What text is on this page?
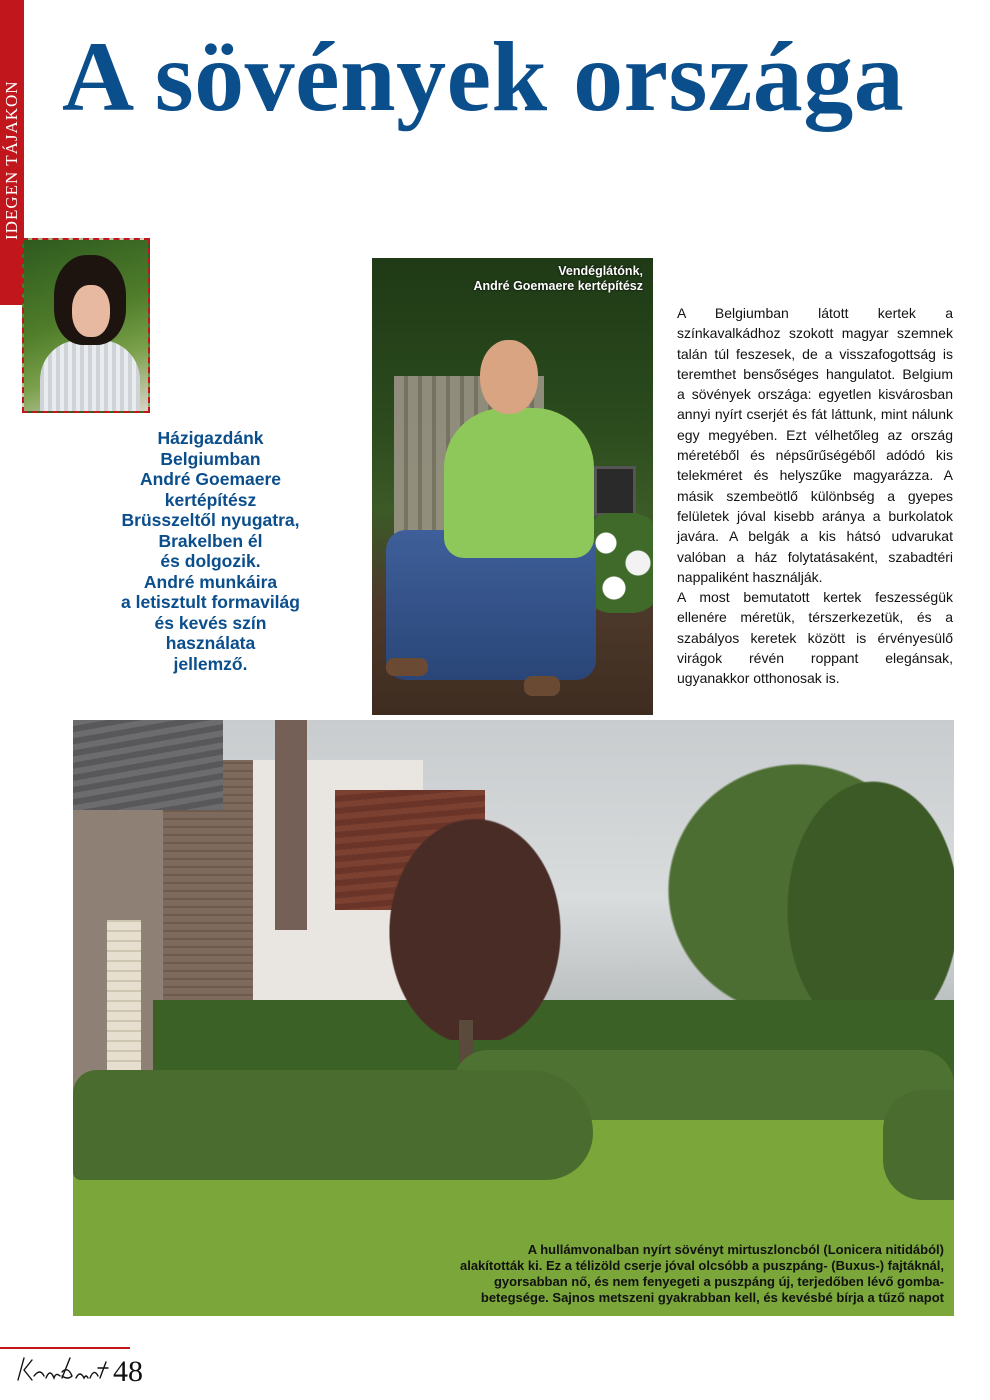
IDEGEN TÁJAKON
A sövények országa
Házigazdánk
Belgiumban
André Goemaere
kertépítész
Brüsszeltől nyugatra,
Brakelben él
és dolgozik.
André munkáira
a letisztult formavilág
és kevés szín
használata
jellemző.
Vendéglátónk,
André Goemaere kertépítész

A Belgiumban látott kertek a színkavalkádhoz szokott magyar szemnek talán túl feszesek, de a visszafogottság is teremthet bensőséges hangulatot. Belgium a sövények országa: egyetlen kisvárosban annyi nyírt cserjét és fát láttunk, mint nálunk egy megyében. Ezt vélhetőleg az ország méretéből és népsűrűségéből adódó kis telekméret és helyszűke magyarázza. A másik szembeötlő különbség a gyepes felületek jóval kisebb aránya a burkolatok javára. A belgák a kis hátsó udvarukat valóban a ház folytatásaként, szabadtéri nappaliként használják.

A most bemutatott kertek feszességük ellenére méretük, térszerkezetük, és a szabályos keretek között is érvényesülő virágok révén roppant elegánsak, ugyanakkor otthonosak is.

A hullámvonalban nyírt sövényt mirtuszloncból (Lonicera nitidából)
alakították ki. Ez a télizöld cserje jóval olcsóbb a puszpáng- (Buxus-) fajtáknál,
gyorsabban nő, és nem fenyegeti a puszpáng új, terjedőben lévő gomba-
betegsége. Sajnos metszeni gyakrabban kell, és kevésbé bírja a tűző napot
48
